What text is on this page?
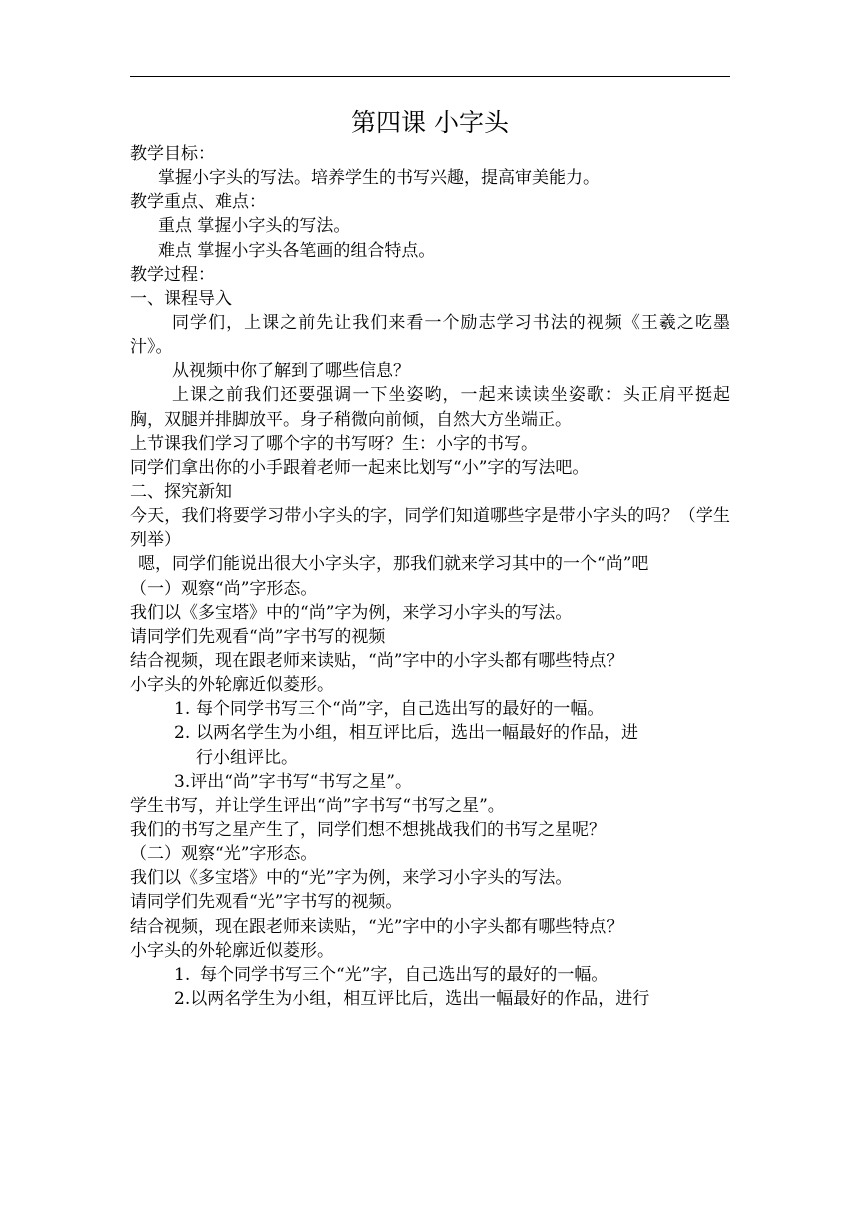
第四课 小字头

教学目标：

掌握小字头的写法。培养学生的书写兴趣，提高审美能力。

教学重点、难点：

重点 掌握小字头的写法。

难点 掌握小字头各笔画的组合特点。

教学过程：

一、课程导入

同学们，上课之前先让我们来看一个励志学习书法的视频《王羲之吃墨汁》。

从视频中你了解到了哪些信息？

上课之前我们还要强调一下坐姿哟，一起来读读坐姿歌：头正肩平挺起胸，双腿并排脚放平。身子稍微向前倾，自然大方坐端正。

上节课我们学习了哪个字的书写呀？生：小字的书写。

同学们拿出你的小手跟着老师一起来比划写“小”字的写法吧。

二、探究新知

今天，我们将要学习带小字头的字，同学们知道哪些字是带小字头的吗？（学生列举）

嗯，同学们能说出很大小字头字，那我们就来学习其中的一个“尚”吧

（一）观察“尚”字形态。

我们以《多宝塔》中的“尚”字为例，来学习小字头的写法。

请同学们先观看“尚”字书写的视频

结合视频，现在跟老师来读贴，“尚”字中的小字头都有哪些特点？

小字头的外轮廓近似菱形。

1. 每个同学书写三个“尚”字，自己选出写的最好的一幅。

2. 以两名学生为小组，相互评比后，选出一幅最好的作品，进

行小组评比。

3.评出“尚”字书写“书写之星”。

学生书写，并让学生评出“尚”字书写“书写之星”。

我们的书写之星产生了，同学们想不想挑战我们的书写之星呢？

（二）观察“光”字形态。

我们以《多宝塔》中的“光”字为例，来学习小字头的写法。

请同学们先观看“光”字书写的视频。

结合视频，现在跟老师来读贴，“光”字中的小字头都有哪些特点？

小字头的外轮廓近似菱形。

1. 每个同学书写三个“光”字，自己选出写的最好的一幅。

2.以两名学生为小组，相互评比后，选出一幅最好的作品，进行
